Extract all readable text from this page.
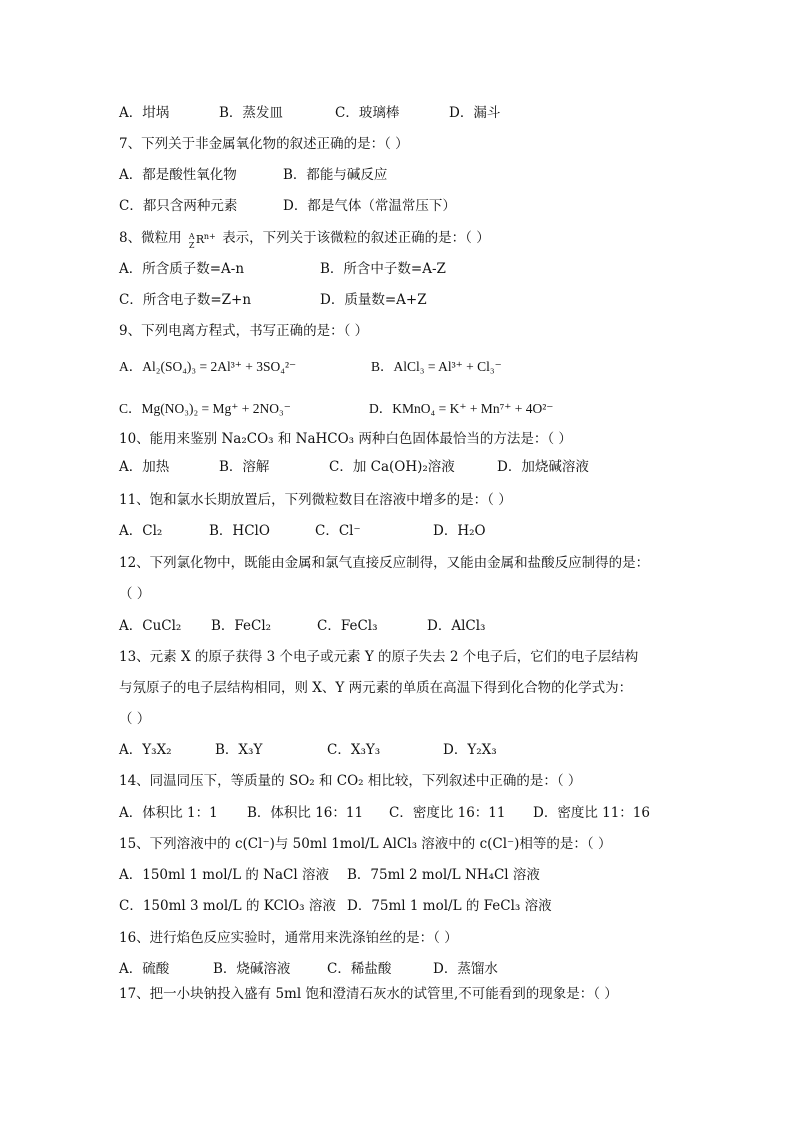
A．坩埚	B．蒸发皿	C．玻璃棒	D．漏斗
7、下列关于非金属氧化物的叙述正确的是：（ ）
A．都是酸性氧化物	B．都能与碱反应
C．都只含两种元素	D．都是气体（常温常压下）
8、微粒用 A
Z R n+ 表示，下列关于该微粒的叙述正确的是：（ ）
A．所含质子数=A-n	B．所含中子数=A-Z
C．所含电子数=Z+n	D．质量数=A+Z
9、下列电离方程式，书写正确的是：（ ）
A．Al₂(SO₄)₃ = 2Al³⁺ + 3SO₄²⁻	B．AlCl₃ = Al³⁺ + Cl₃⁻
C．Mg(NO₃)₂ = Mg⁺ + 2NO₃⁻	D．KMnO₄ = K⁺ + Mn⁷⁺ + 4O²⁻
10、能用来鉴别 Na₂CO₃ 和 NaHCO₃ 两种白色固体最恰当的方法是：（ ）
A．加热	B．溶解	C．加 Ca(OH)₂溶液	D．加烧碱溶液
11、饱和氯水长期放置后，下列微粒数目在溶液中增多的是：（ ）
A．Cl₂	B．HClO	C．Cl⁻	D．H₂O
12、下列氯化物中，既能由金属和氯气直接反应制得，又能由金属和盐酸反应制得的是：
（ ）
A．CuCl₂ B．FeCl₂	C．FeCl₃	D．AlCl₃
13、元素 X 的原子获得 3 个电子或元素 Y 的原子失去 2 个电子后，它们的电子层结构
与氖原子的电子层结构相同，则 X、Y 两元素的单质在高温下得到化合物的化学式为：
（ ）
A．Y₃X₂	B．X₃Y	C．X₃Y₃	D．Y₂X₃
14、同温同压下，等质量的 SO₂ 和 CO₂ 相比较，下列叙述中正确的是：（ ）
A．体积比 1：1 B．体积比 16：11 C．密度比 16：11 D．密度比 11：16
15、下列溶液中的 c(Cl⁻)与 50ml 1mol/L AlCl₃ 溶液中的 c(Cl⁻)相等的是：（ ）
A．150ml 1 mol/L 的 NaCl 溶液 B．75ml 2 mol/L NH₄Cl 溶液
C．150ml 3 mol/L 的 KClO₃ 溶液 D．75ml 1 mol/L 的 FeCl₃ 溶液
16、进行焰色反应实验时，通常用来洗涤铂丝的是：（ ）
A．硫酸	B．烧碱溶液	C．稀盐酸	D．蒸馏水
17、把一小块钠投入盛有 5ml 饱和澄清石灰水的试管里,不可能看到的现象是：（ ）
